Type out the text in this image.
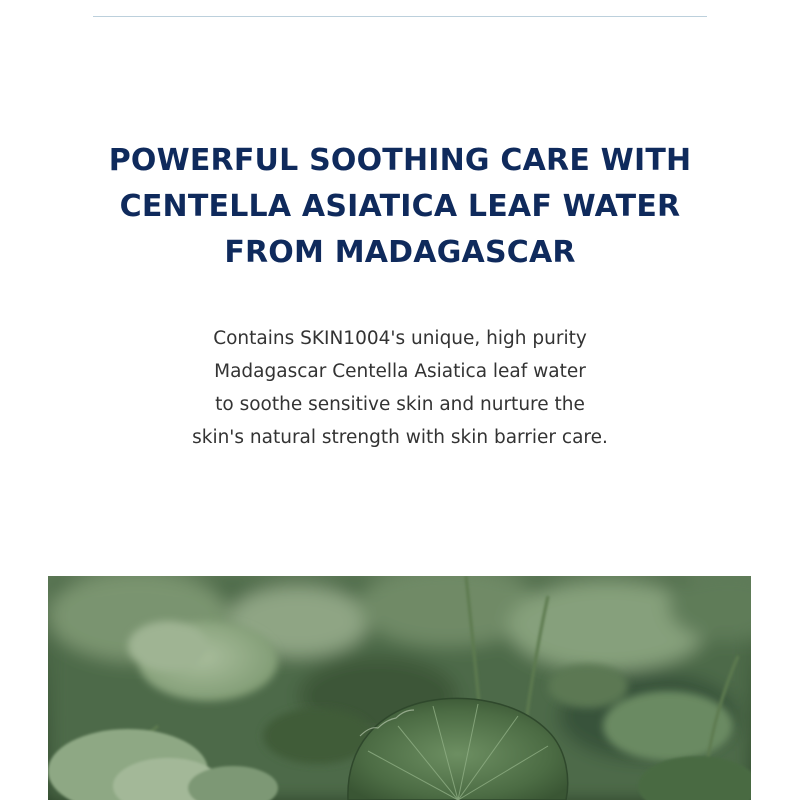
POWERFUL SOOTHING CARE WITH
CENTELLA ASIATICA LEAF WATER
FROM MADAGASCAR

Contains SKIN1004's unique, high purity
Madagascar Centella Asiatica leaf water
to soothe sensitive skin and nurture the
skin's natural strength with skin barrier care.
